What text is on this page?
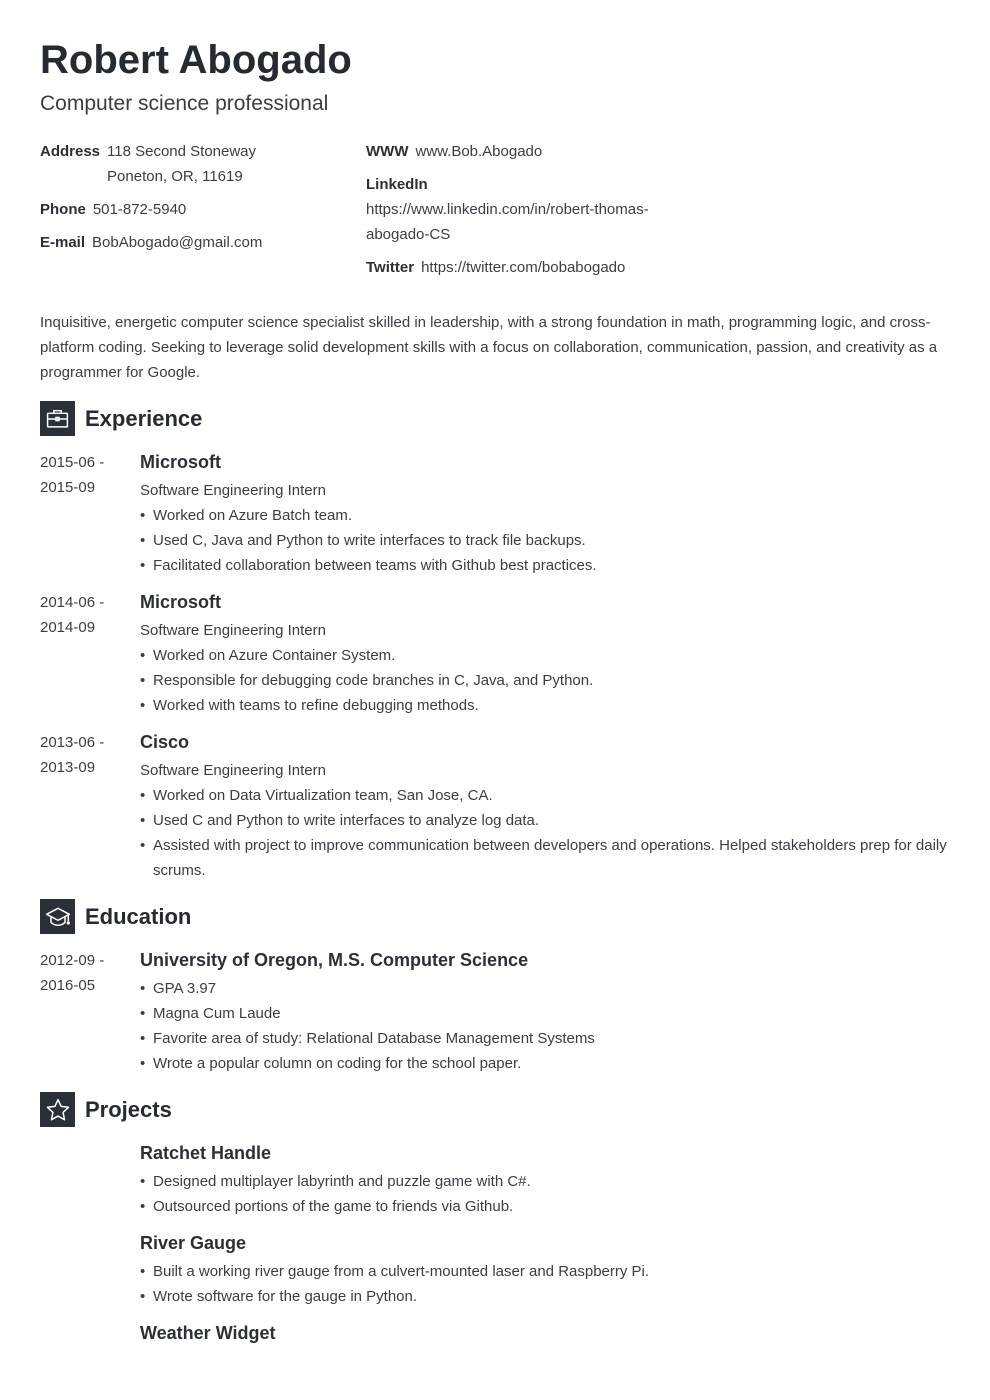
Robert Abogado
Computer science professional
Address 118 Second Stoneway
Poneton, OR, 11619
Phone 501-872-5940
E-mail BobAbogado@gmail.com
WWW www.Bob.Abogado
LinkedIn
https://www.linkedin.com/in/robert-thomas-
abogado-CS
Twitter https://twitter.com/bobabogado
Inquisitive, energetic computer science specialist skilled in leadership, with a strong foundation in math, programming logic, and cross-platform coding. Seeking to leverage solid development skills with a focus on collaboration, communication, passion, and creativity as a programmer for Google.
Experience
2015-06 -
2015-09
Microsoft
Software Engineering Intern
• Worked on Azure Batch team.
• Used C, Java and Python to write interfaces to track file backups.
• Facilitated collaboration between teams with Github best practices.
2014-06 -
2014-09
Microsoft
Software Engineering Intern
• Worked on Azure Container System.
• Responsible for debugging code branches in C, Java, and Python.
• Worked with teams to refine debugging methods.
2013-06 -
2013-09
Cisco
Software Engineering Intern
• Worked on Data Virtualization team, San Jose, CA.
• Used C and Python to write interfaces to analyze log data.
• Assisted with project to improve communication between developers and operations. Helped stakeholders prep for daily scrums.
Education
2012-09 -
2016-05
University of Oregon, M.S. Computer Science
• GPA 3.97
• Magna Cum Laude
• Favorite area of study: Relational Database Management Systems
• Wrote a popular column on coding for the school paper.
Projects
Ratchet Handle
• Designed multiplayer labyrinth and puzzle game with C#.
• Outsourced portions of the game to friends via Github.
River Gauge
• Built a working river gauge from a culvert-mounted laser and Raspberry Pi.
• Wrote software for the gauge in Python.
Weather Widget
